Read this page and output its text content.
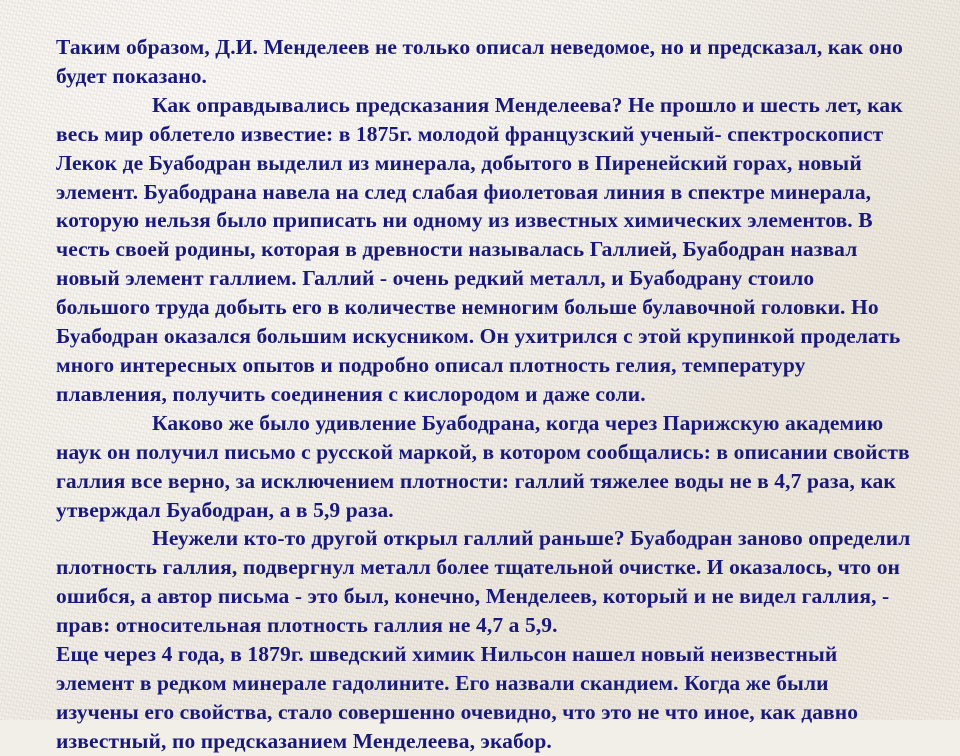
Таким образом, Д.И. Менделеев не только описал неведомое, но и предсказал, как оно будет показано.

Как оправдывались предсказания Менделеева? Не прошло и шесть лет, как весь мир облетело известие: в 1875г. молодой французский ученый- спектроскопист Лекок де Буабодран выделил из минерала, добытого в Пиренейский горах, новый элемент. Буабодрана навела на след слабая фиолетовая линия в спектре минерала, которую нельзя было приписать ни одному из известных химических элементов. В честь своей родины, которая в древности называлась Галлией, Буабодран назвал новый элемент галлием. Галлий - очень редкий металл, и Буабодрану стоило большого труда добыть его в количестве немногим больше булавочной головки. Но Буабодран оказался большим искусником. Он ухитрился с этой крупинкой проделать много интересных опытов и подробно описал плотность гелия, температуру плавления, получить соединения с кислородом и даже соли.

Каково же было удивление Буабодрана, когда через Парижскую академию наук он получил письмо с русской маркой, в котором сообщались: в описании свойств галлия все верно, за исключением плотности: галлий тяжелее воды не в 4,7 раза, как утверждал Буабодран, а в 5,9 раза.

Неужели кто-то другой открыл галлий раньше? Буабодран заново определил плотность галлия, подвергнул металл более тщательной очистке. И оказалось, что он ошибся, а автор письма - это был, конечно, Менделеев, который и не видел галлия, - прав: относительная плотность галлия не 4,7 а 5,9.

Еще через 4 года, в 1879г. шведский химик Нильсон нашел новый неизвестный элемент в редком минерале гадолините. Его назвали скандием. Когда же были изучены его свойства, стало совершенно очевидно, что это не что иное, как давно известный, по предсказанием Менделеева, экабор.
